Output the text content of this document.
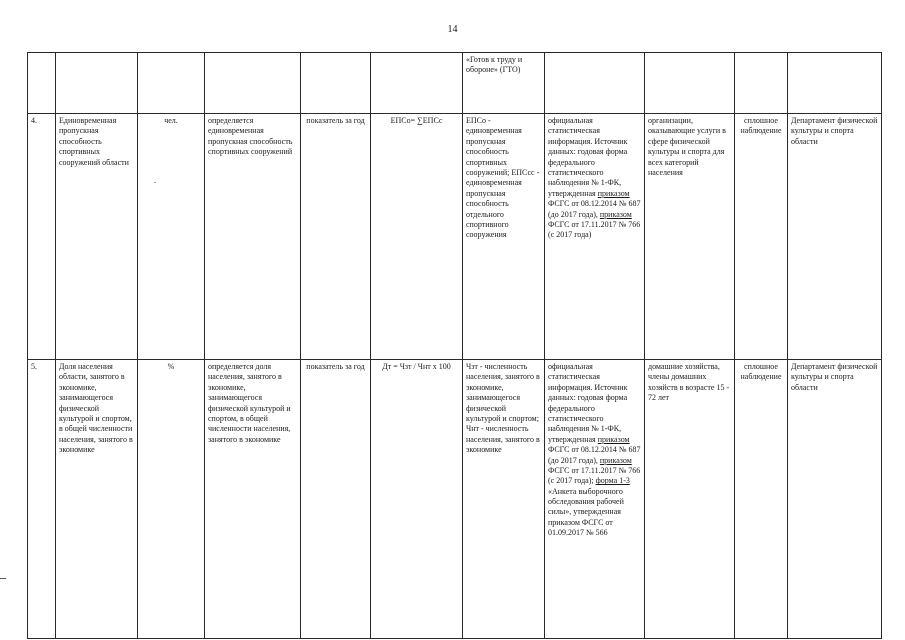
14
						«Готов к труду и обороне» (ГТО)				
4.	Единовременная пропускная способность спортивных сооружений области	чел.	определяется единовременная пропускная способность спортивных сооружений	показатель за год	ЕПСо= ∑ЕПСс	ЕПСо - единовременная пропускная способность спортивных сооружений; ЕПСсс - единовременная пропускная способность отдельного спортивного сооружения	официальная статистическая информация. Источник данных: годовая форма федерального статистического наблюдения № 1-ФК, утвержденная приказом ФСГС от 08.12.2014 № 687 (до 2017 года), приказом ФСГС от 17.11.2017 № 766 (с 2017 года)	организации, оказывающие услуги в сфере физической культуры и спорта для всех категорий населения	сплошное наблюдение	Департамент физической культуры и спорта области
5.	Доля населения области, занятого в экономике, занимающегося физической культурой и спортом, в общей численности населения, занятого в экономике	%	определяется доля населения, занятого в экономике, занимающегося физической культурой и спортом, в общей численности населения, занятого в экономике	показатель за год	Дт = Чзт / Чнт х 100	Чзт - численность населения, занятого в экономике, занимающегося физической культурой и спортом; Чнт - численность населения, занятого в экономике	официальная статистическая информация. Источник данных: годовая форма федерального статистического наблюдения № 1-ФК, утвержденная приказом ФСГС от 08.12.2014 № 687 (до 2017 года), приказом ФСГС от 17.11.2017 № 766 (с 2017 года); форма 1-3 «Анкета выборочного обследования рабочей силы», утвержденная приказом ФСГС от 01.09.2017 № 566	домашние хозяйства, члены домашних хозяйств в возрасте 15 - 72 лет	сплошное наблюдение	Департамент физической культуры и спорта области
